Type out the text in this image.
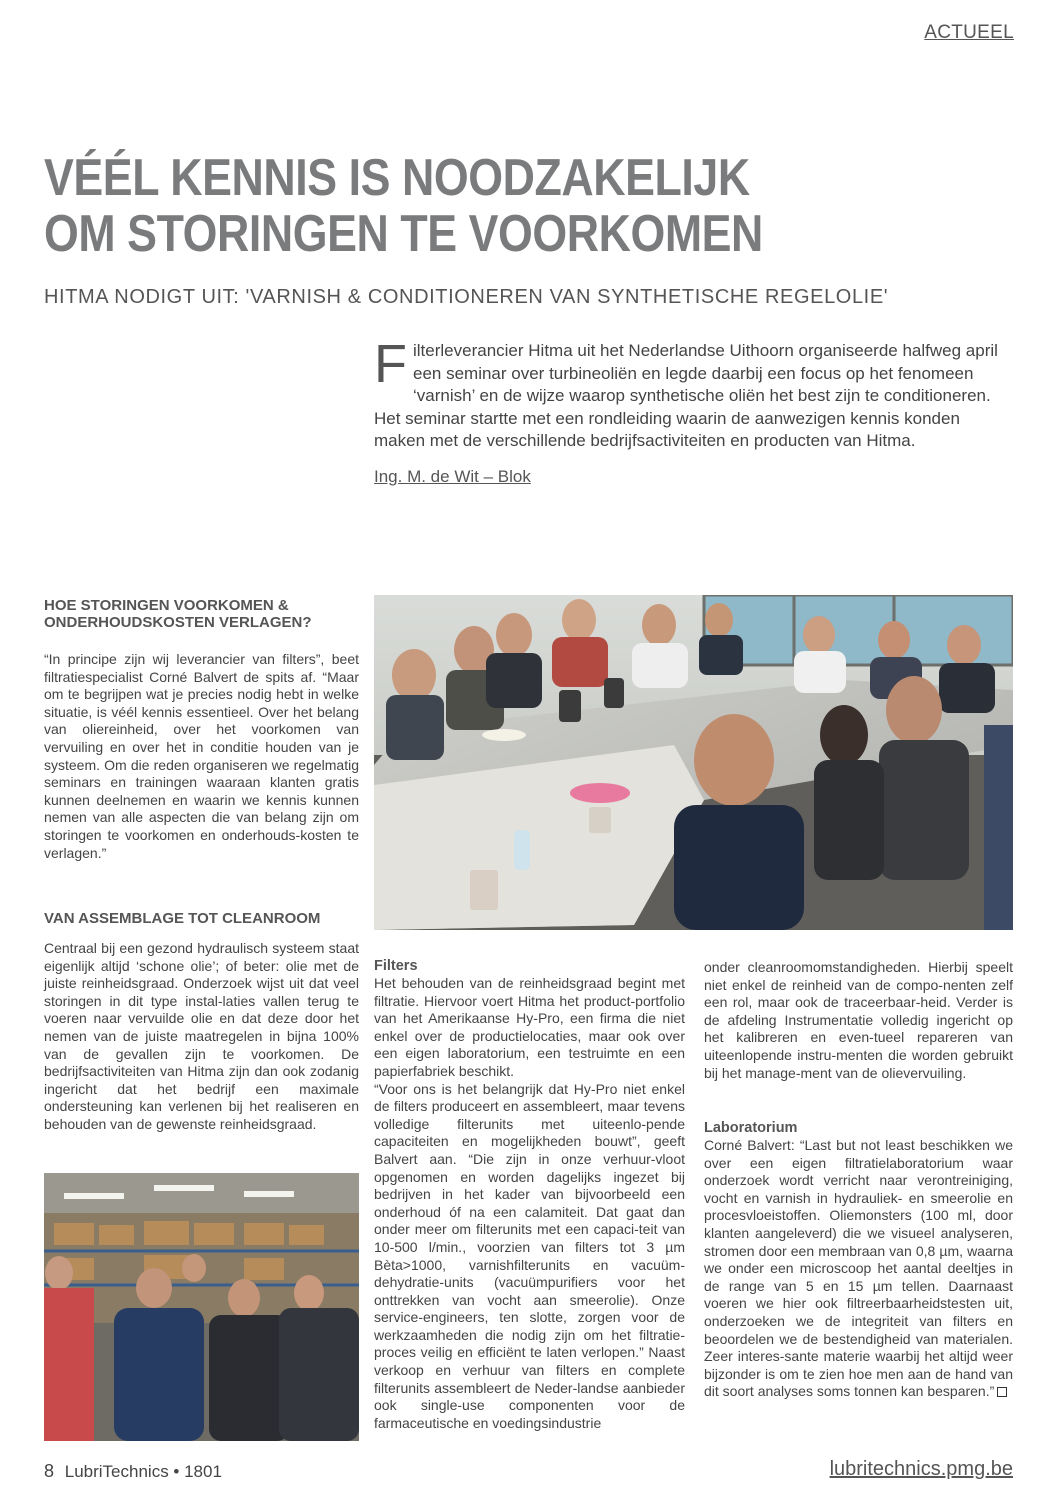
ACTUEEL
VÉÉL KENNIS IS NOODZAKELIJK
OM STORINGEN TE VOORKOMEN
HITMA NODIGT UIT: 'VARNISH & CONDITIONEREN VAN SYNTHETISCHE REGELOLIE'

Filterleverancier Hitma uit het Nederlandse Uithoorn organiseerde halfweg april een seminar over turbineoliën en legde daarbij een focus op het fenomeen ‘varnish’ en de wijze waarop synthetische oliën het best zijn te conditioneren. Het seminar startte met een rondleiding waarin de aanwezigen kennis konden maken met de verschillende bedrijfsactiviteiten en producten van Hitma.

Ing. M. de Wit – Blok
HOE STORINGEN VOORKOMEN & ONDERHOUDSKOSTEN VERLAGEN?

“In principe zijn wij leverancier van filters”, beet filtratiespecialist Corné Balvert de spits af. “Maar om te begrijpen wat je precies nodig hebt in welke situatie, is véél kennis essentieel. Over het belang van oliereinheid, over het voorkomen van vervuiling en over het in conditie houden van je systeem. Om die reden organiseren we regelmatig seminars en trainingen waaraan klanten gratis kunnen deelnemen en waarin we kennis kunnen nemen van alle aspecten die van belang zijn om storingen te voorkomen en onderhouds-kosten te verlagen.”

VAN ASSEMBLAGE TOT CLEANROOM

Centraal bij een gezond hydraulisch systeem staat eigenlijk altijd ‘schone olie’; of beter: olie met de juiste reinheidsgraad. Onderzoek wijst uit dat veel storingen in dit type instal-laties vallen terug te voeren naar vervuilde olie en dat deze door het nemen van de juiste maatregelen in bijna 100% van de gevallen zijn te voorkomen. De bedrijfsactiviteiten van Hitma zijn dan ook zodanig ingericht dat het bedrijf een maximale ondersteuning kan verlenen bij het realiseren en behouden van de gewenste reinheidsgraad.

Filters

Het behouden van de reinheidsgraad begint met filtratie. Hiervoor voert Hitma het product-portfolio van het Amerikaanse Hy-Pro, een firma die niet enkel over de productielocaties, maar ook over een eigen laboratorium, een testruimte en een papierfabriek beschikt.

“Voor ons is het belangrijk dat Hy-Pro niet enkel de filters produceert en assembleert, maar tevens volledige filterunits met uiteenlo-pende capaciteiten en mogelijkheden bouwt”, geeft Balvert aan. “Die zijn in onze verhuur-vloot opgenomen en worden dagelijks ingezet bij bedrijven in het kader van bijvoorbeeld een onderhoud óf na een calamiteit. Dat gaat dan onder meer om filterunits met een capaci-teit van 10-500 l/min., voorzien van filters tot 3 µm Bèta>1000, varnishfilterunits en vacuüm-dehydratie-units (vacuümpurifiers voor het onttrekken van vocht aan smeerolie). Onze service-engineers, ten slotte, zorgen voor de werkzaamheden die nodig zijn om het filtratie-proces veilig en efficiënt te laten verlopen.” Naast verkoop en verhuur van filters en complete filterunits assembleert de Neder-landse aanbieder ook single-use componenten voor de farmaceutische en voedingsindustrie

onder cleanroomomstandigheden. Hierbij speelt niet enkel de reinheid van de compo-nenten zelf een rol, maar ook de traceerbaar-heid. Verder is de afdeling Instrumentatie volledig ingericht op het kalibreren en even-tueel repareren van uiteenlopende instru-menten die worden gebruikt bij het manage-ment van de olievervuiling.

Laboratorium

Corné Balvert: “Last but not least beschikken we over een eigen filtratielaboratorium waar onderzoek wordt verricht naar verontreiniging, vocht en varnish in hydrauliek- en smeerolie en procesvloeistoffen. Oliemonsters (100 ml, door klanten aangeleverd) die we visueel analyseren, stromen door een membraan van 0,8 µm, waarna we onder een microscoop het aantal deeltjes in de range van 5 en 15 µm tellen. Daarnaast voeren we hier ook filtreerbaarheidstesten uit, onderzoeken we de integriteit van filters en beoordelen we de bestendigheid van materialen. Zeer interes-sante materie waarbij het altijd weer bijzonder is om te zien hoe men aan de hand van dit soort analyses soms tonnen kan besparen.”

8 LubriTechnics • 1801	lubritechnics.pmg.be
